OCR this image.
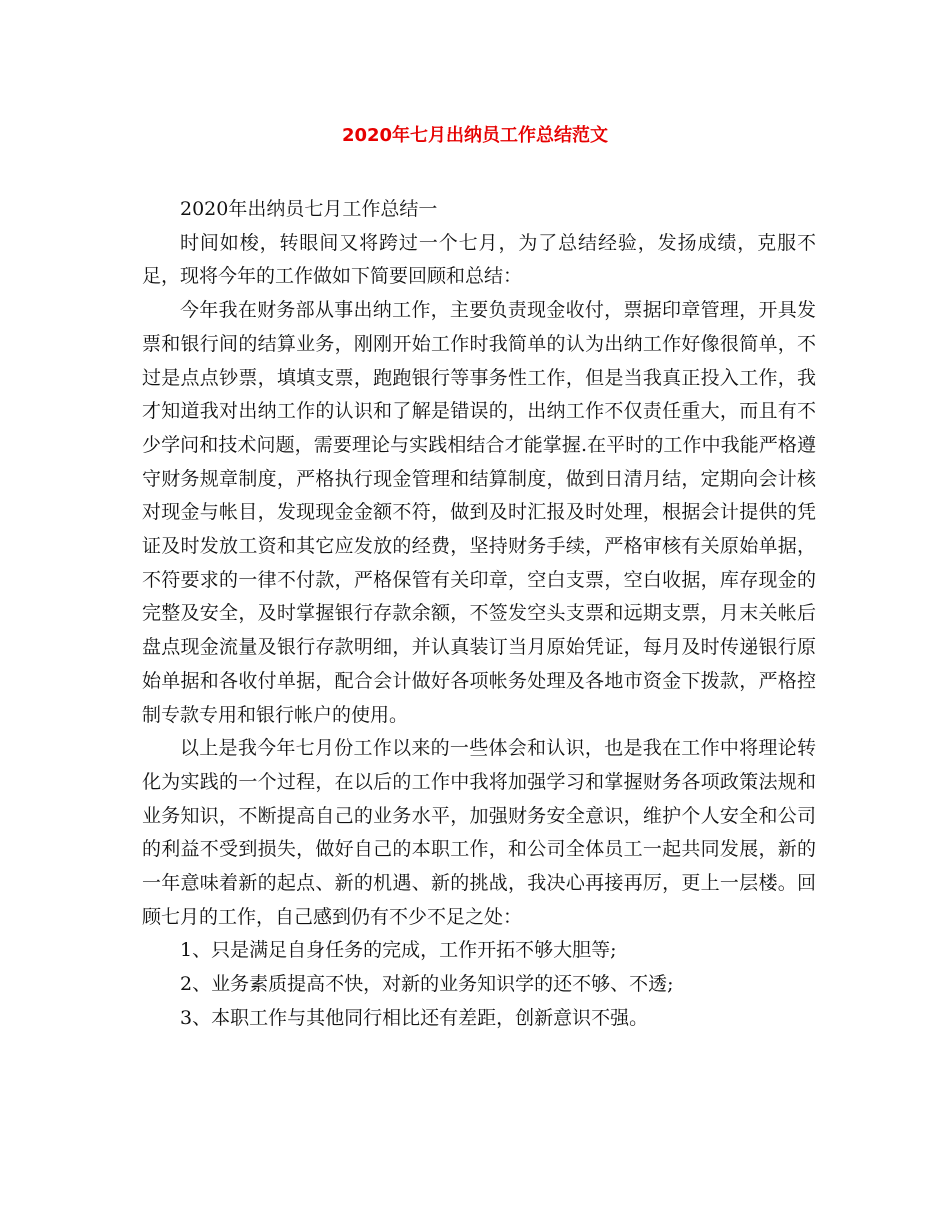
2020年七月出纳员工作总结范文

2020年出纳员七月工作总结一

时间如梭，转眼间又将跨过一个七月，为了总结经验，发扬成绩，克服不足，现将今年的工作做如下简要回顾和总结：

今年我在财务部从事出纳工作，主要负责现金收付，票据印章管理，开具发票和银行间的结算业务，刚刚开始工作时我简单的认为出纳工作好像很简单，不过是点点钞票，填填支票，跑跑银行等事务性工作，但是当我真正投入工作，我才知道我对出纳工作的认识和了解是错误的，出纳工作不仅责任重大，而且有不少学问和技术问题，需要理论与实践相结合才能掌握.在平时的工作中我能严格遵守财务规章制度，严格执行现金管理和结算制度，做到日清月结，定期向会计核对现金与帐目，发现现金金额不符，做到及时汇报及时处理，根据会计提供的凭证及时发放工资和其它应发放的经费，坚持财务手续，严格审核有关原始单据，不符要求的一律不付款，严格保管有关印章，空白支票，空白收据，库存现金的完整及安全，及时掌握银行存款余额，不签发空头支票和远期支票，月末关帐后盘点现金流量及银行存款明细，并认真装订当月原始凭证，每月及时传递银行原始单据和各收付单据，配合会计做好各项帐务处理及各地市资金下拨款，严格控制专款专用和银行帐户的使用。

以上是我今年七月份工作以来的一些体会和认识，也是我在工作中将理论转化为实践的一个过程，在以后的工作中我将加强学习和掌握财务各项政策法规和业务知识，不断提高自己的业务水平，加强财务安全意识，维护个人安全和公司的利益不受到损失，做好自己的本职工作，和公司全体员工一起共同发展，新的一年意味着新的起点、新的机遇、新的挑战，我决心再接再厉，更上一层楼。回顾七月的工作，自己感到仍有不少不足之处：

1、只是满足自身任务的完成，工作开拓不够大胆等;

2、业务素质提高不快，对新的业务知识学的还不够、不透;

3、本职工作与其他同行相比还有差距，创新意识不强。
